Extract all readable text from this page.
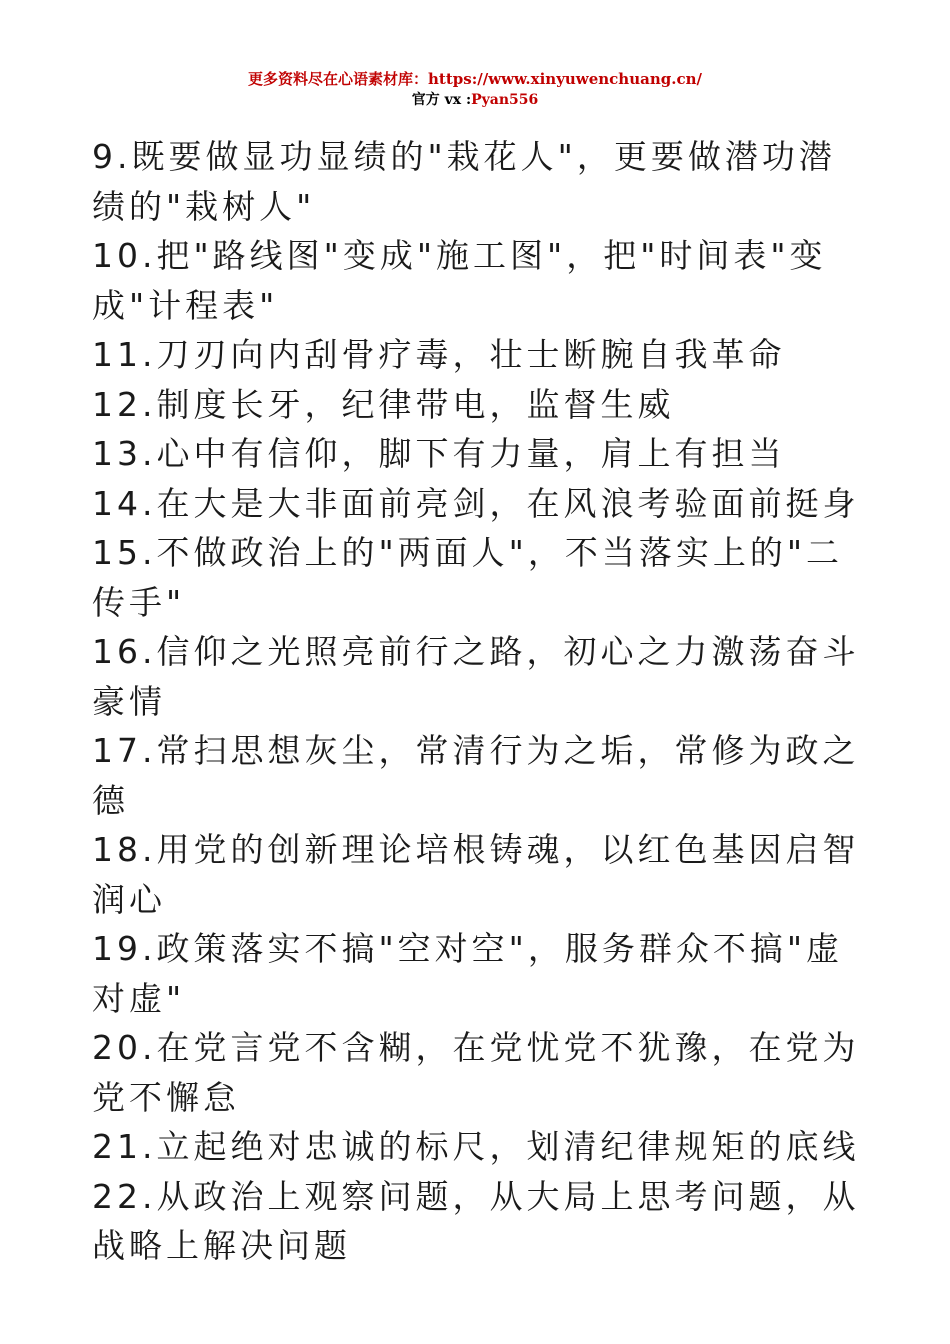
更多资料尽在心语素材库：https://www.xinyuwenchuang.cn/
官方 vx :Pyan556

9.既要做显功显绩的"栽花人"，更要做潜功潜绩的"栽树人"

10.把"路线图"变成"施工图"，把"时间表"变成"计程表"

11.刀刃向内刮骨疗毒，壮士断腕自我革命

12.制度长牙，纪律带电，监督生威

13.心中有信仰，脚下有力量，肩上有担当

14.在大是大非面前亮剑，在风浪考验面前挺身

15.不做政治上的"两面人"，不当落实上的"二传手"

16.信仰之光照亮前行之路，初心之力激荡奋斗豪情

17.常扫思想灰尘，常清行为之垢，常修为政之德

18.用党的创新理论培根铸魂，以红色基因启智润心

19.政策落实不搞"空对空"，服务群众不搞"虚对虚"

20.在党言党不含糊，在党忧党不犹豫，在党为党不懈怠

21.立起绝对忠诚的标尺，划清纪律规矩的底线

22.从政治上观察问题，从大局上思考问题，从战略上解决问题
